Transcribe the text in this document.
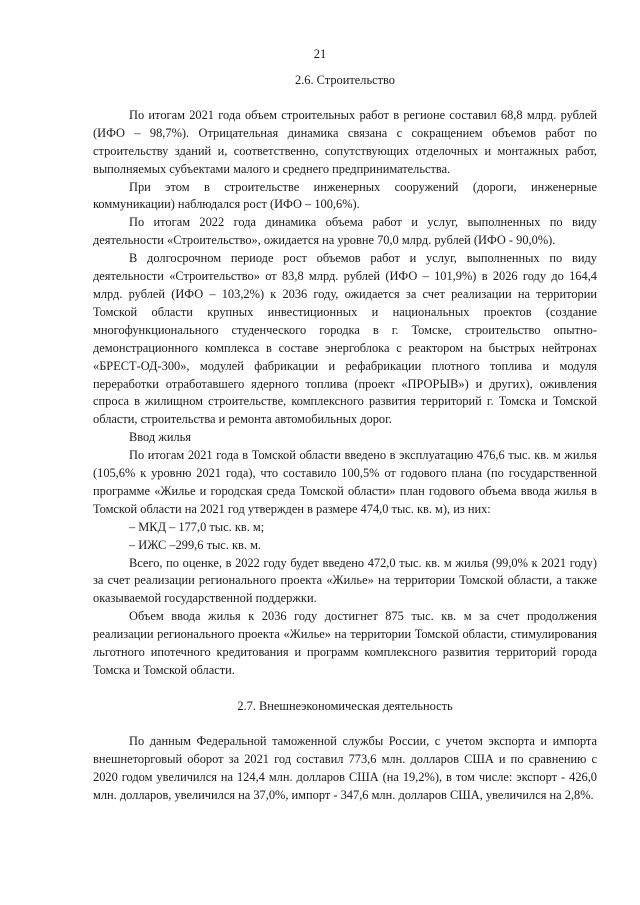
21
2.6. Строительство

По итогам 2021 года объем строительных работ в регионе составил 68,8 млрд. рублей (ИФО – 98,7%). Отрицательная динамика связана с сокращением объемов работ по строительству зданий и, соответственно, сопутствующих отделочных и монтажных работ, выполняемых субъектами малого и среднего предпринимательства.

При этом в строительстве инженерных сооружений (дороги, инженерные коммуникации) наблюдался рост (ИФО – 100,6%).

По итогам 2022 года динамика объема работ и услуг, выполненных по виду деятельности «Строительство», ожидается на уровне 70,0 млрд. рублей (ИФО - 90,0%).

В долгосрочном периоде рост объемов работ и услуг, выполненных по виду деятельности «Строительство» от 83,8 млрд. рублей (ИФО – 101,9%) в 2026 году до 164,4 млрд. рублей (ИФО – 103,2%) к 2036 году, ожидается за счет реализации на территории Томской области крупных инвестиционных и национальных проектов (создание многофункционального студенческого городка в г. Томске, строительство опытно-демонстрационного комплекса в составе энергоблока с реактором на быстрых нейтронах «БРЕСТ-ОД-300», модулей фабрикации и рефабрикации плотного топлива и модуля переработки отработавшего ядерного топлива (проект «ПРОРЫВ») и других), оживления спроса в жилищном строительстве, комплексного развития территорий г. Томска и Томской области, строительства и ремонта автомобильных дорог.

Ввод жилья

По итогам 2021 года в Томской области введено в эксплуатацию 476,6 тыс. кв. м жилья (105,6% к уровню 2021 года), что составило 100,5% от годового плана (по государственной программе «Жилье и городская среда Томской области» план годового объема ввода жилья в Томской области на 2021 год утвержден в размере 474,0 тыс. кв. м), из них:

– МКД – 177,0 тыс. кв. м;

– ИЖС –299,6 тыс. кв. м.

Всего, по оценке, в 2022 году будет введено 472,0 тыс. кв. м жилья (99,0% к 2021 году) за счет реализации регионального проекта «Жилье» на территории Томской области, а также оказываемой государственной поддержки.

Объем ввода жилья к 2036 году достигнет 875 тыс. кв. м за счет продолжения реализации регионального проекта «Жилье» на территории Томской области, стимулирования льготного ипотечного кредитования и программ комплексного развития территорий города Томска и Томской области.

2.7. Внешнеэкономическая деятельность

По данным Федеральной таможенной службы России, с учетом экспорта и импорта внешнеторговый оборот за 2021 год составил 773,6 млн. долларов США и по сравнению с 2020 годом увеличился на 124,4 млн. долларов США (на 19,2%), в том числе: экспорт - 426,0 млн. долларов, увеличился на 37,0%, импорт - 347,6 млн. долларов США, увеличился на 2,8%.
